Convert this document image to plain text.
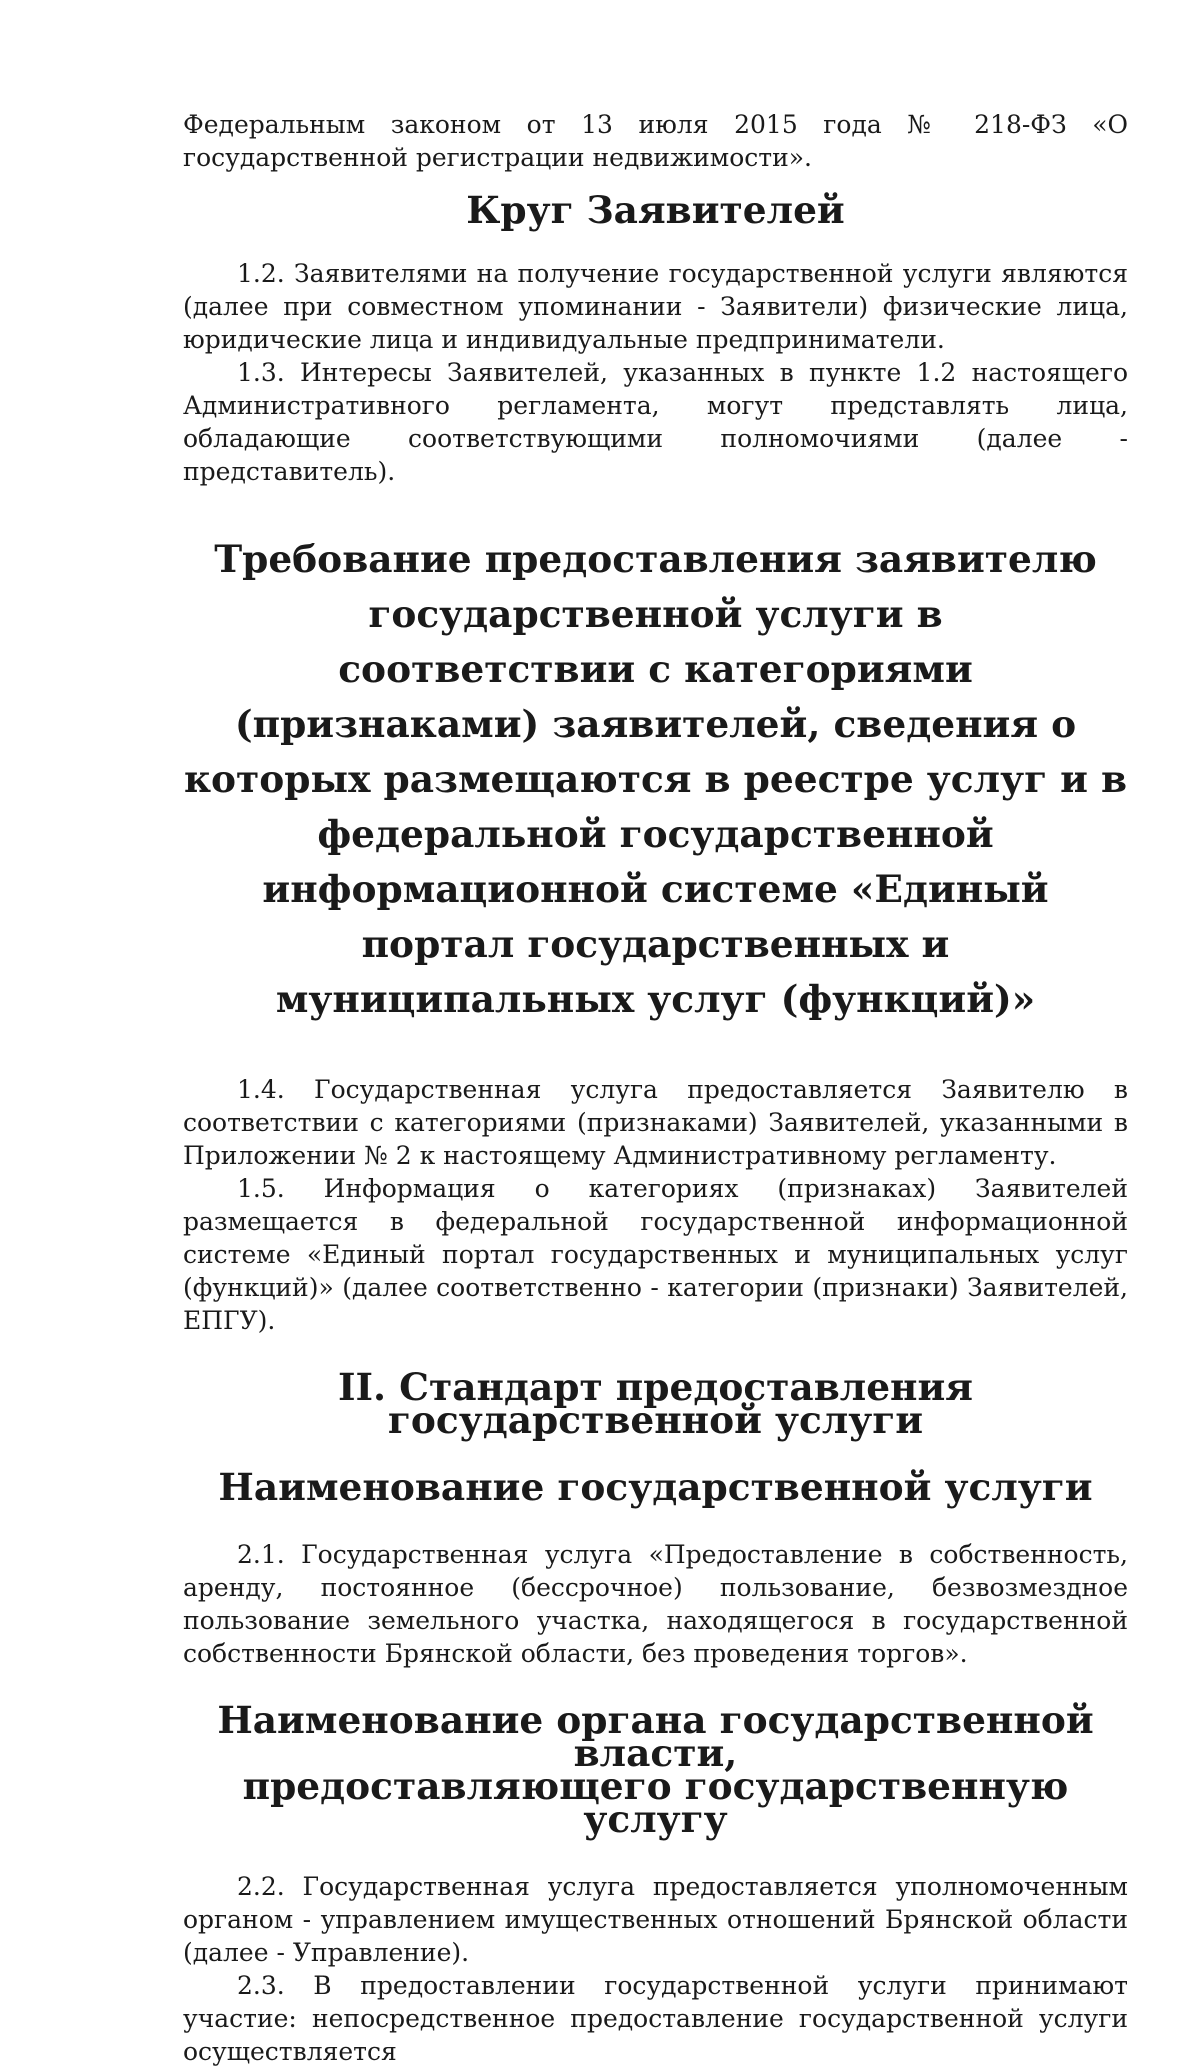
Федеральным законом от 13 июля 2015 года № 218-ФЗ «О государственной регистрации недвижимости».

Круг Заявителей

1.2. Заявителями на получение государственной услуги являются (далее при совместном упоминании - Заявители) физические лица, юридические лица и индивидуальные предприниматели.

1.3. Интересы Заявителей, указанных в пункте 1.2 настоящего Административного регламента, могут представлять лица, обладающие соответствующими полномочиями (далее - представитель).

Требование предоставления заявителю государственной услуги в
соответствии с категориями (признаками) заявителей, сведения о
которых размещаются в реестре услуг и в федеральной государственной
информационной системе «Единый портал государственных и
муниципальных услуг (функций)»

1.4. Государственная услуга предоставляется Заявителю в соответствии с категориями (признаками) Заявителей, указанными в Приложении № 2 к настоящему Административному регламенту.

1.5. Информация о категориях (признаках) Заявителей размещается в федеральной государственной информационной системе «Единый портал государственных и муниципальных услуг (функций)» (далее соответственно - категории (признаки) Заявителей, ЕПГУ).

II. Стандарт предоставления государственной услуги
Наименование государственной услуги

2.1. Государственная услуга «Предоставление в собственность, аренду, постоянное (бессрочное) пользование, безвозмездное пользование земельного участка, находящегося в государственной собственности Брянской области, без проведения торгов».

Наименование органа государственной власти,
предоставляющего государственную услугу

2.2. Государственная услуга предоставляется уполномоченным органом - управлением имущественных отношений Брянской области (далее - Управление).

2.3. В предоставлении государственной услуги принимают участие: непосредственное предоставление государственной услуги осуществляется
